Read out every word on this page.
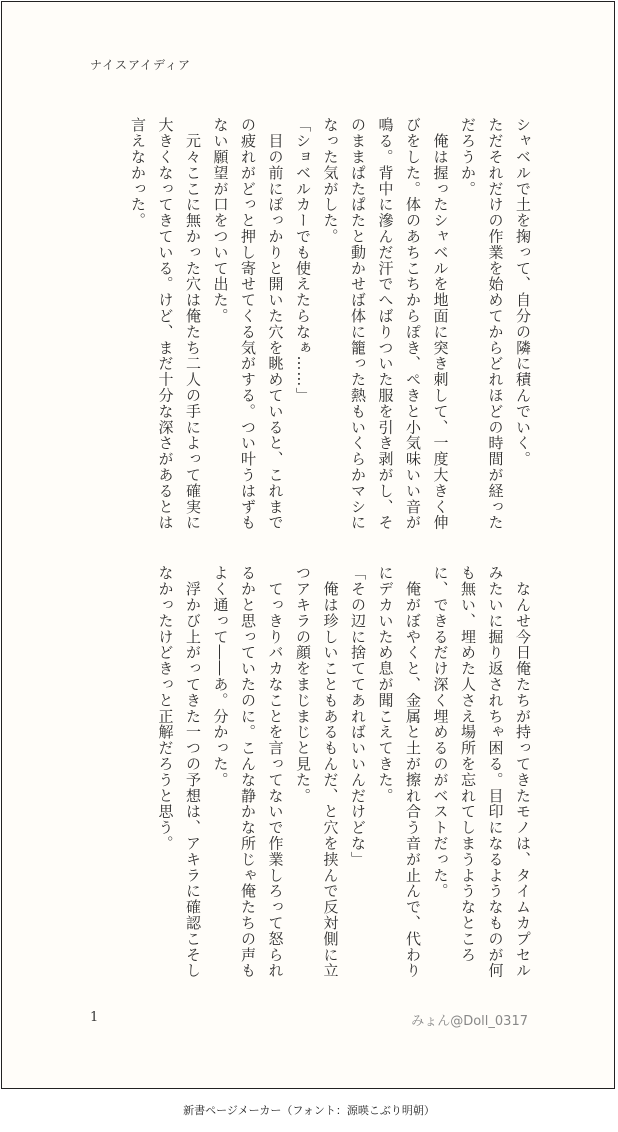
ナイスアイディア

シャベルで土を掬って、自分の隣に積んでいく。

ただそれだけの作業を始めてからどれほどの時間が経っただろうか。

　俺は握ったシャベルを地面に突き刺して、一度大きく伸びをした。体のあちこちからぽき、ぺきと小気味いい音が鳴る。背中に滲んだ汗でへばりついた服を引き剥がし、そのままぱたぱたと動かせば体に籠った熱もいくらかマシになった気がした。

「ショベルカーでも使えたらなぁ……」

　目の前にぽっかりと開いた穴を眺めていると、これまでの疲れがどっと押し寄せてくる気がする。つい叶うはずもない願望が口をついて出た。

　元々ここに無かった穴は俺たち二人の手によって確実に大きくなってきている。けど、まだ十分な深さがあるとは言えなかった。

　なんせ今日俺たちが持ってきたモノは、タイムカプセルみたいに掘り返されちゃ困る。目印になるようなものが何も無い、埋めた人さえ場所を忘れてしまうようなところに、できるだけ深く埋めるのがベストだった。

　俺がぼやくと、金属と土が擦れ合う音が止んで、代わりにデカいため息が聞こえてきた。

「その辺に捨ててあればいいんだけどな」

　俺は珍しいこともあるもんだ、と穴を挟んで反対側に立つアキラの顔をまじまじと見た。

　てっきりバカなことを言ってないで作業しろって怒られるかと思っていたのに。こんな静かな所じゃ俺たちの声もよく通って――あ。分かった。

　浮かび上がってきた一つの予想は、アキラに確認こそしなかったけどきっと正解だろうと思う。

1	みょん@Doll_0317
新書ページメーカー（フォント：源暎こぶり明朝）
